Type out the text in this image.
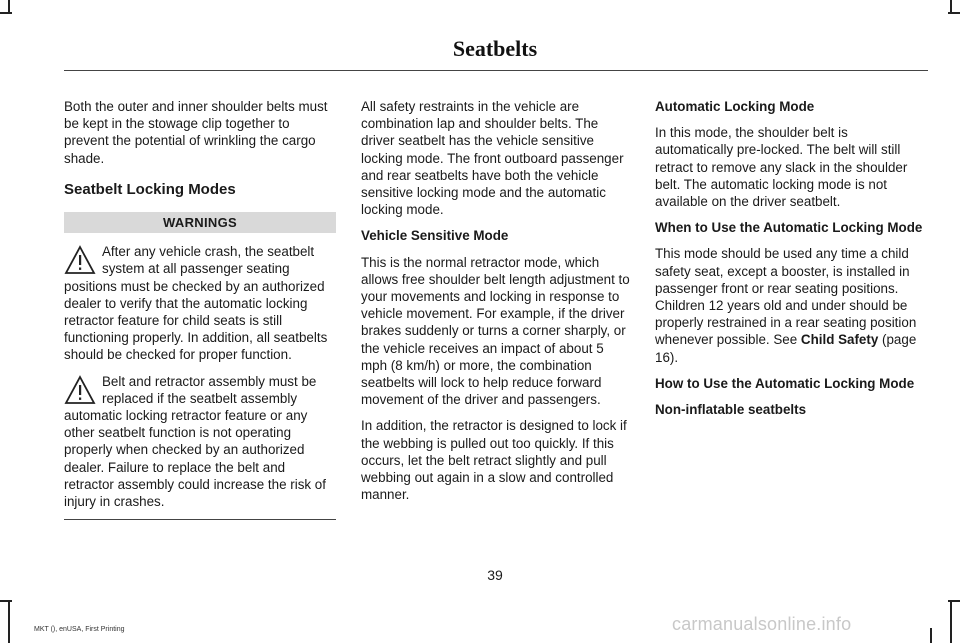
Seatbelts

Both the outer and inner shoulder belts must be kept in the stowage clip together to prevent the potential of wrinkling the cargo shade.

Seatbelt Locking Modes
WARNINGS

After any vehicle crash, the seatbelt system at all passenger seating positions must be checked by an authorized dealer to verify that the automatic locking retractor feature for child seats is still functioning properly. In addition, all seatbelts should be checked for proper function.

Belt and retractor assembly must be replaced if the seatbelt assembly automatic locking retractor feature or any other seatbelt function is not operating properly when checked by an authorized dealer. Failure to replace the belt and retractor assembly could increase the risk of injury in crashes.

All safety restraints in the vehicle are combination lap and shoulder belts. The driver seatbelt has the vehicle sensitive locking mode. The front outboard passenger and rear seatbelts have both the vehicle sensitive locking mode and the automatic locking mode.

Vehicle Sensitive Mode

This is the normal retractor mode, which allows free shoulder belt length adjustment to your movements and locking in response to vehicle movement. For example, if the driver brakes suddenly or turns a corner sharply, or the vehicle receives an impact of about 5 mph (8 km/h) or more, the combination seatbelts will lock to help reduce forward movement of the driver and passengers.

In addition, the retractor is designed to lock if the webbing is pulled out too quickly. If this occurs, let the belt retract slightly and pull webbing out again in a slow and controlled manner.

Automatic Locking Mode

In this mode, the shoulder belt is automatically pre-locked. The belt will still retract to remove any slack in the shoulder belt. The automatic locking mode is not available on the driver seatbelt.

When to Use the Automatic Locking Mode

This mode should be used any time a child safety seat, except a booster, is installed in passenger front or rear seating positions. Children 12 years old and under should be properly restrained in a rear seating position whenever possible. See Child Safety (page 16).

How to Use the Automatic Locking Mode
Non-inflatable seatbelts
39
MKT (), enUSA, First Printing	carmanualsonline.info
